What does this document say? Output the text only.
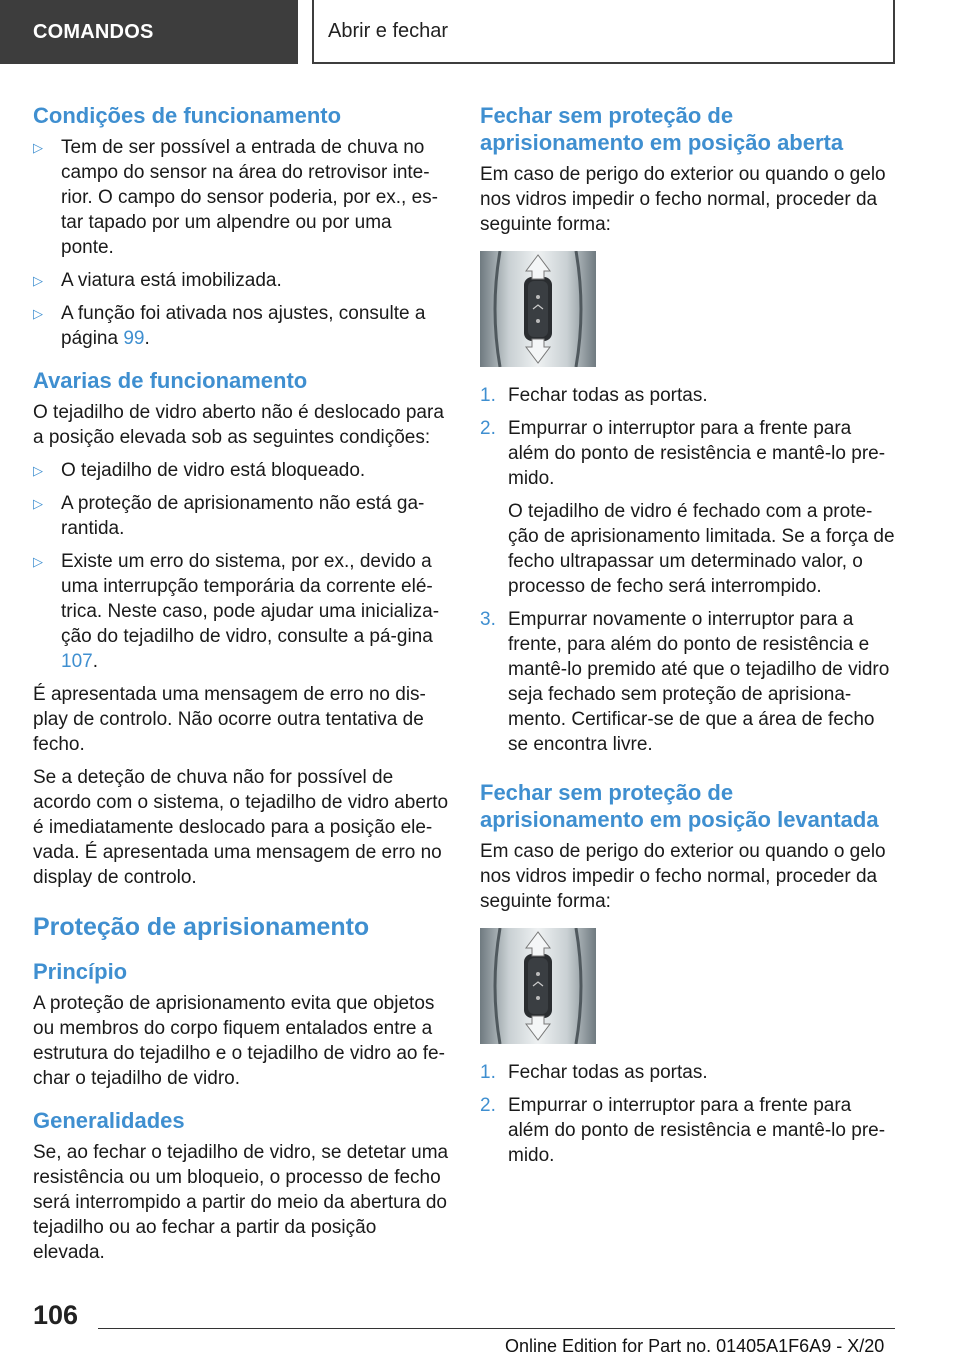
COMANDOS	Abrir e fechar
Condições de funcionamento
▷ Tem de ser possível a entrada de chuva no campo do sensor na área do retrovisor inte-rior. O campo do sensor poderia, por ex., es-tar tapado por um alpendre ou por uma ponte.
▷ A viatura está imobilizada.
▷ A função foi ativada nos ajustes, consulte a página 99.
Avarias de funcionamento

O tejadilho de vidro aberto não é deslocado para a posição elevada sob as seguintes condições:

▷ O tejadilho de vidro está bloqueado.
▷ A proteção de aprisionamento não está ga-rantida.
▷ Existe um erro do sistema, por ex., devido a uma interrupção temporária da corrente elé-trica. Neste caso, pode ajudar uma inicializa-ção do tejadilho de vidro, consulte a pá-gina 107.

É apresentada uma mensagem de erro no dis-play de controlo. Não ocorre outra tentativa de fecho.

Se a deteção de chuva não for possível de acordo com o sistema, o tejadilho de vidro aberto é imediatamente deslocado para a posição ele-vada. É apresentada uma mensagem de erro no display de controlo.

Proteção de aprisionamento
Princípio

A proteção de aprisionamento evita que objetos ou membros do corpo fiquem entalados entre a estrutura do tejadilho e o tejadilho de vidro ao fe-char o tejadilho de vidro.

Generalidades

Se, ao fechar o tejadilho de vidro, se detetar uma resistência ou um bloqueio, o processo de fecho será interrompido a partir do meio da abertura do tejadilho ou ao fechar a partir da posição elevada.

Fechar sem proteção de aprisionamento em posição aberta

Em caso de perigo do exterior ou quando o gelo nos vidros impedir o fecho normal, proceder da seguinte forma:

1. Fechar todas as portas.
2. Empurrar o interruptor para a frente para além do ponto de resistência e mantê-lo pre-mido.
O tejadilho de vidro é fechado com a prote-ção de aprisionamento limitada. Se a força de fecho ultrapassar um determinado valor, o processo de fecho será interrompido.
3. Empurrar novamente o interruptor para a frente, para além do ponto de resistência e mantê-lo premido até que o tejadilho de vidro seja fechado sem proteção de aprisiona-mento. Certificar-se de que a área de fecho se encontra livre.
Fechar sem proteção de aprisionamento em posição levantada

Em caso de perigo do exterior ou quando o gelo nos vidros impedir o fecho normal, proceder da seguinte forma:

1. Fechar todas as portas.
2. Empurrar o interruptor para a frente para além do ponto de resistência e mantê-lo pre-mido.
106
Online Edition for Part no. 01405A1F6A9 - X/20
